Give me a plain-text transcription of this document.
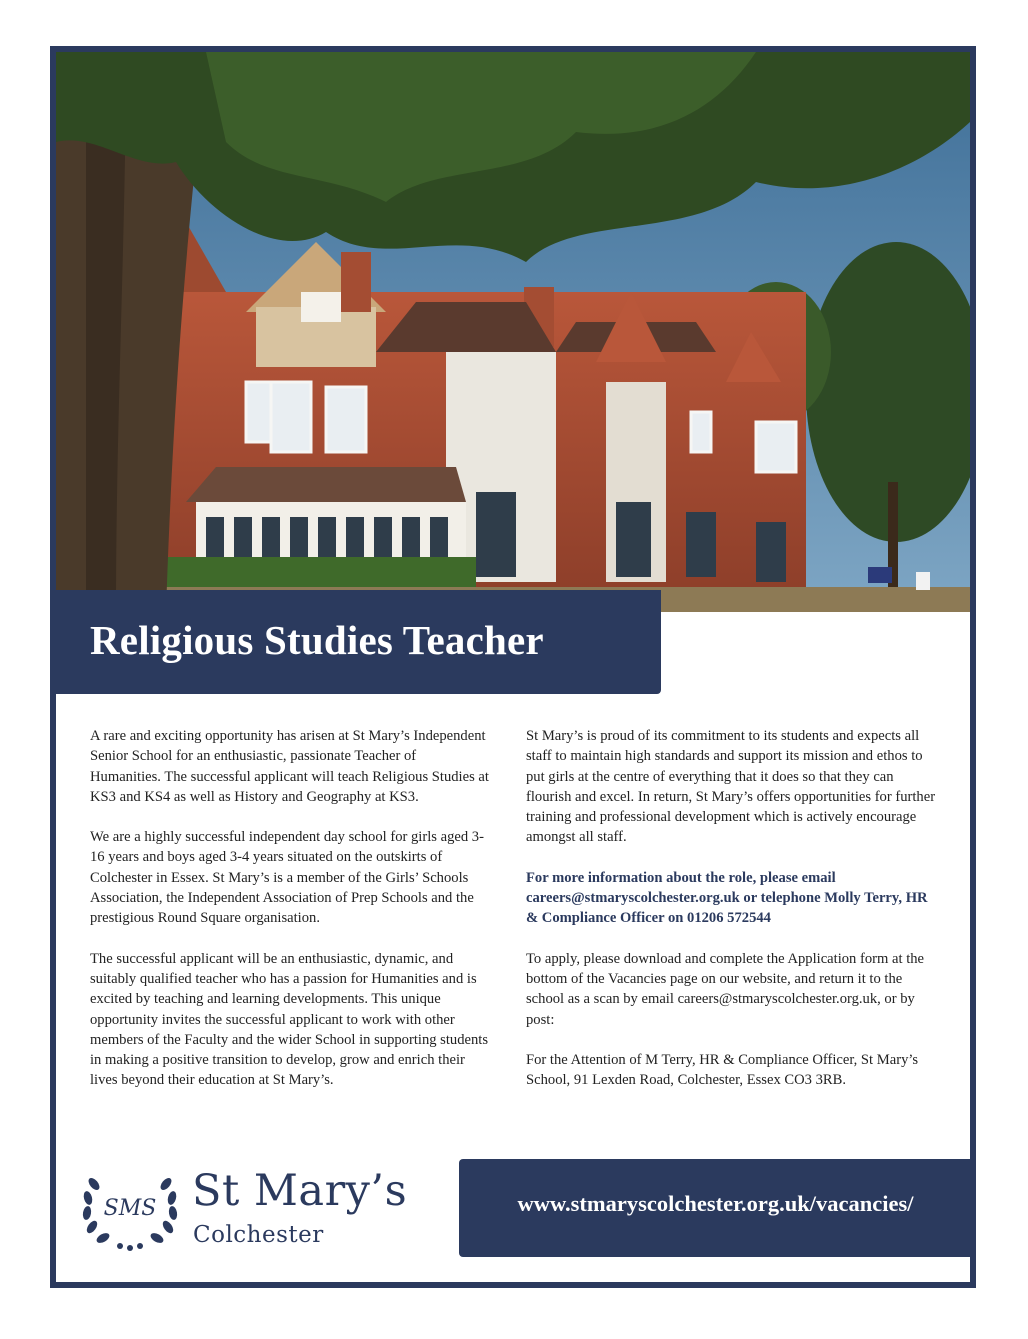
Religious Studies Teacher

A rare and exciting opportunity has arisen at St Mary’s Independent Senior School for an enthusiastic, passionate Teacher of Humanities. The successful applicant will teach Religious Studies at KS3 and KS4 as well as History and Geography at KS3.

We are a highly successful independent day school for girls aged 3-16 years and boys aged 3-4 years situated on the outskirts of Colchester in Essex. St Mary’s is a member of the Girls’ Schools Association, the Independent Association of Prep Schools and the prestigious Round Square organisation.

The successful applicant will be an enthusiastic, dynamic, and suitably qualified teacher who has a passion for Humanities and is excited by teaching and learning developments. This unique opportunity invites the successful applicant to work with other members of the Faculty and the wider School in supporting students in making a positive transition to develop, grow and enrich their lives beyond their education at St Mary’s.

St Mary’s is proud of its commitment to its students and expects all staff to maintain high standards and support its mission and ethos to put girls at the centre of everything that it does so that they can flourish and excel. In return, St Mary’s offers opportunities for further training and professional development which is actively encourage amongst all staff.

For more information about the role, please email careers@stmaryscolchester.org.uk or telephone Molly Terry, HR & Compliance Officer on 01206 572544

To apply, please download and complete the Application form at the bottom of the Vacancies page on our website, and return it to the school as a scan by email careers@stmaryscolchester.org.uk, or by post:

For the Attention of M Terry, HR & Compliance Officer, St Mary’s School, 91 Lexden Road, Colchester, Essex CO3 3RB.

SMS St Mary’s
Colchester
www.stmaryscolchester.org.uk/vacancies/
